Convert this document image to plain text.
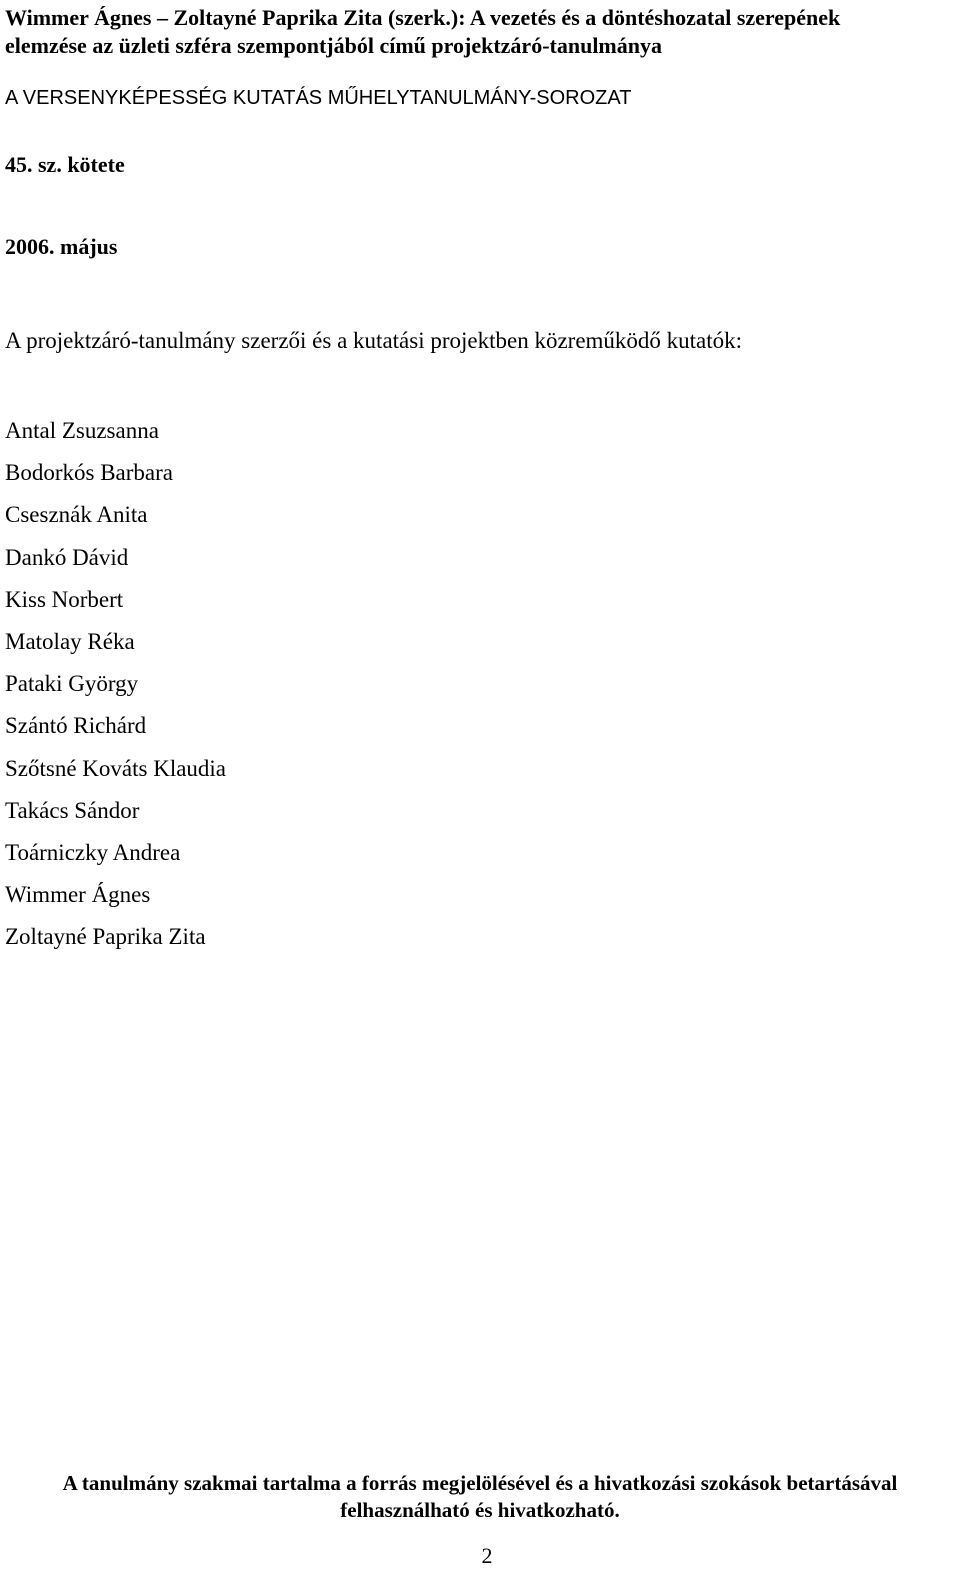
Wimmer Ágnes – Zoltayné Paprika Zita (szerk.): A vezetés és a döntéshozatal szerepének
elemzése az üzleti szféra szempontjából című projektzáró-tanulmánya
A VERSENYKÉPESSÉG KUTATÁS MŰHELYTANULMÁNY-SOROZAT
45. sz. kötete
2006. május

A projektzáró-tanulmány szerzői és a kutatási projektben közreműködő kutatók:

Antal Zsuzsanna
Bodorkós Barbara
Csesznák Anita
Dankó Dávid
Kiss Norbert
Matolay Réka
Pataki György
Szántó Richárd
Szőtsné Kováts Klaudia
Takács Sándor
Toárniczky Andrea
Wimmer Ágnes
Zoltayné Paprika Zita
A tanulmány szakmai tartalma a forrás megjelölésével és a hivatkozási szokások betartásával
felhasználható és hivatkozható.
2
